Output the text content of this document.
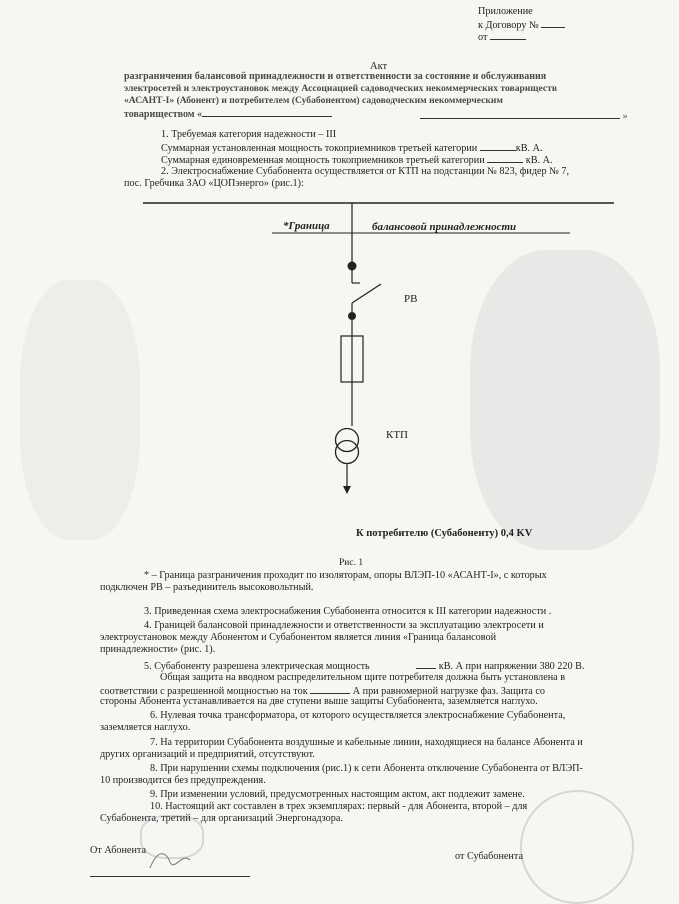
Приложение
к Договору №
от
Акт
разграничения балансовой принадлежности и ответственности за состояние и обслуживания
электросетей и электроустановок между Ассоциацией садоводческих некоммерческих товариществ
«АСАНТ-I» (Абонент) и потребителем (Субабонентом) садоводческим некоммерческим
товариществом «	»
1. Требуемая категория надежности – III
Суммарная установленная мощность токоприемников третьей категории	кВ. А.
Суммарная единовременная мощность токоприемников третьей категории	кВ. А.
2. Электроснабжение Субабонента осуществляется от КТП на подстанции № 823, фидер № 7,
пос. Гребчика ЗАО «ЦОПэнерго» (рис.1):
*Граница	балансовой принадлежности
РВ
КТП
К потребителю (Субабоненту) 0,4 KV
Рис. 1
* – Граница разграничения проходит по изоляторам, опоры ВЛЭП-10 «АСАНТ-I», с которых
подключен РВ – разъединитель высоковольтный.
3. Приведенная схема электроснабжения Субабонента относится к III категории надежности .
4. Границей балансовой принадлежности и ответственности за эксплуатацию электросети и
электроустановок между Абонентом и Субабонентом является линия «Граница балансовой
принадлежности» (рис. 1).
5. Субабоненту разрешена электрическая мощность	кВ. А при напряжении 380 220 В.
Общая защита на вводном распределительном щите потребителя должна быть установлена в
соответствии с разрешенной мощностью на ток	А при равномерной нагрузке фаз. Защита со
стороны Абонента устанавливается на две ступени выше защиты Субабонента, заземляется наглухо.
6. Нулевая точка трансформатора, от которого осуществляется электроснабжение Субабонента,
заземляется наглухо.
7. На территории Субабонента воздушные и кабельные линии, находящиеся на балансе Абонента и
других организаций и предприятий, отсутствуют.
8. При нарушении схемы подключения (рис.1) к сети Абонента отключение Субабонента от ВЛЭП-
10 производится без предупреждения.
9. При изменении условий, предусмотренных настоящим актом, акт подлежит замене.
10. Настоящий акт составлен в трех экземплярах: первый - для Абонента, второй – для
Субабонента, третий – для организаций Энергонадзора.
От Абонента
от Субабонента
